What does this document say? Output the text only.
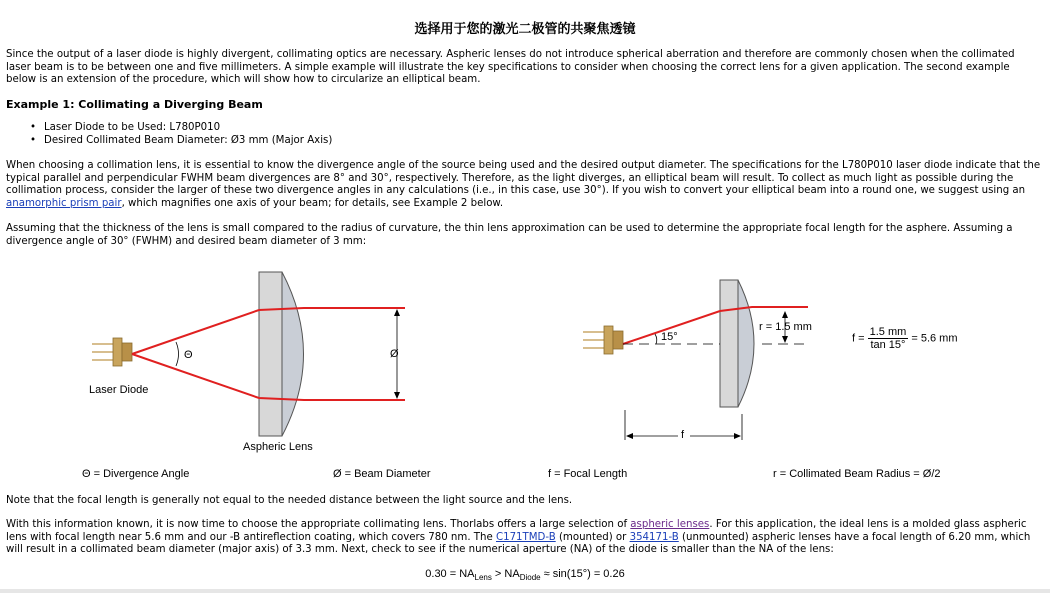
选择用于您的激光二极管的共聚焦透镜

Since the output of a laser diode is highly divergent, collimating optics are necessary. Aspheric lenses do not introduce spherical aberration and therefore are commonly chosen when the collimated laser beam is to be between one and five millimeters. A simple example will illustrate the key specifications to consider when choosing the correct lens for a given application. The second example below is an extension of the procedure, which will show how to circularize an elliptical beam.

Example 1: Collimating a Diverging Beam
• Laser Diode to be Used: L780P010
• Desired Collimated Beam Diameter: Ø3 mm (Major Axis)

When choosing a collimation lens, it is essential to know the divergence angle of the source being used and the desired output diameter. The specifications for the L780P010 laser diode indicate that the typical parallel and perpendicular FWHM beam divergences are 8° and 30°, respectively. Therefore, as the light diverges, an elliptical beam will result. To collect as much light as possible during the collimation process, consider the larger of these two divergence angles in any calculations (i.e., in this case, use 30°). If you wish to convert your elliptical beam into a round one, we suggest using an anamorphic prism pair, which magnifies one axis of your beam; for details, see Example 2 below.

Assuming that the thickness of the lens is small compared to the radius of curvature, the thin lens approximation can be used to determine the appropriate focal length for the asphere. Assuming a divergence angle of 30° (FWHM) and desired beam diameter of 3 mm:

Laser Diode
Θ	Ø
Aspheric Lens
15°
r = 1.5 mm
f
$f = \frac{1.5 mm}{\tan 15^\circ} = 5.6$ mm
Θ = Divergence Angle	Ø = Beam Diameter	f = Focal Length	r = Collimated Beam Radius = Ø/2

Note that the focal length is generally not equal to the needed distance between the light source and the lens.

With this information known, it is now time to choose the appropriate collimating lens. Thorlabs offers a large selection of aspheric lenses. For this application, the ideal lens is a molded glass aspheric lens with focal length near 5.6 mm and our -B antireflection coating, which covers 780 nm. The C171TMD-B (mounted) or 354171-B (unmounted) aspheric lenses have a focal length of 6.20 mm, which will result in a collimated beam diameter (major axis) of 3.3 mm. Next, check to see if the numerical aperture (NA) of the diode is smaller than the NA of the lens:

$0.30 = NA_{Lens} > NA_{Diode} \approx \sin(15^\circ) = 0.26$
